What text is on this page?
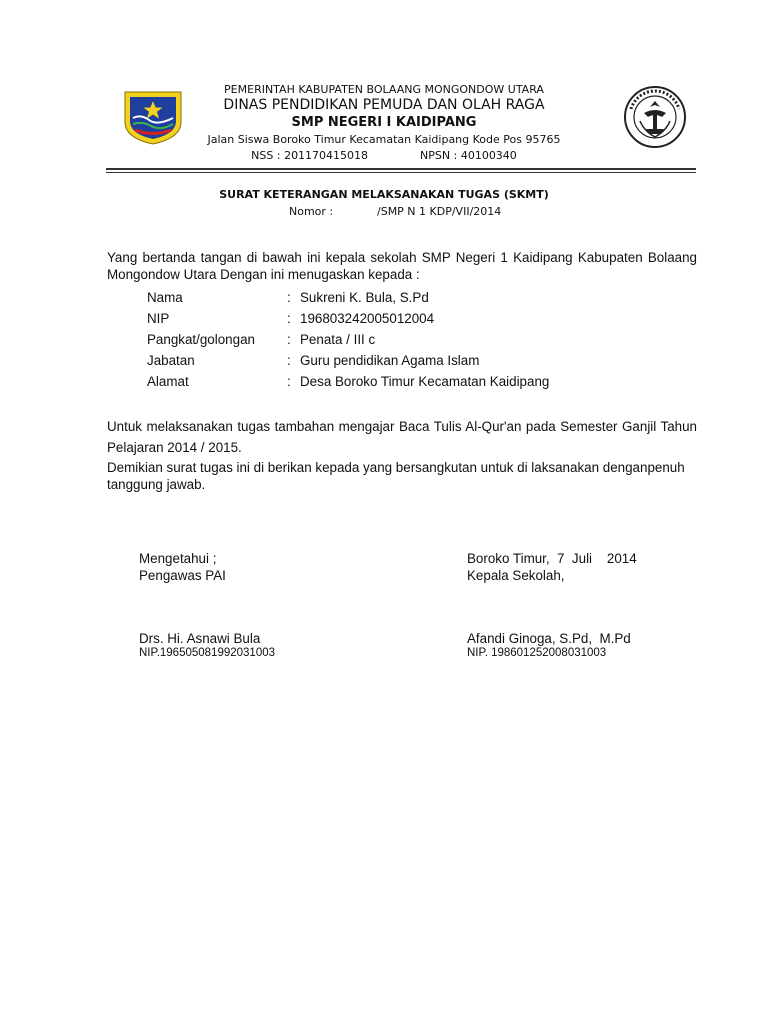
PEMERINTAH KABUPATEN BOLAANG MONGONDOW UTARA
DINAS PENDIDIKAN PEMUDA DAN OLAH RAGA
SMP NEGERI I KAIDIPANG
Jalan Siswa Boroko Timur Kecamatan Kaidipang Kode Pos 95765
NSS : 201170415018	NPSN : 40100340
SURAT KETERANGAN MELAKSANAKAN TUGAS (SKMT)
Nomor :	/SMP N 1 KDP/VII/2014
Yang bertanda tangan di bawah ini kepala sekolah SMP Negeri 1 Kaidipang Kabupaten Bolaang Mongondow Utara Dengan ini menugaskan kepada :
Nama	: Sukreni K. Bula, S.Pd
NIP	: 196803242005012004
Pangkat/golongan : Penata / III c
Jabatan	: Guru pendidikan Agama Islam
Alamat	: Desa Boroko Timur Kecamatan Kaidipang
Untuk melaksanakan tugas tambahan mengajar Baca Tulis Al-Qur'an pada Semester Ganjil Tahun Pelajaran 2014 / 2015.
Demikian surat tugas ini di berikan kepada yang bersangkutan untuk di laksanakan denganpenuh tanggung jawab.
Mengetahui ;
Pengawas PAI
Drs. Hi. Asnawi Bula
NIP.196505081992031003
Boroko Timur,  7  Juli    2014
Kepala Sekolah,
Afandi Ginoga, S.Pd,  M.Pd
NIP. 198601252008031003
